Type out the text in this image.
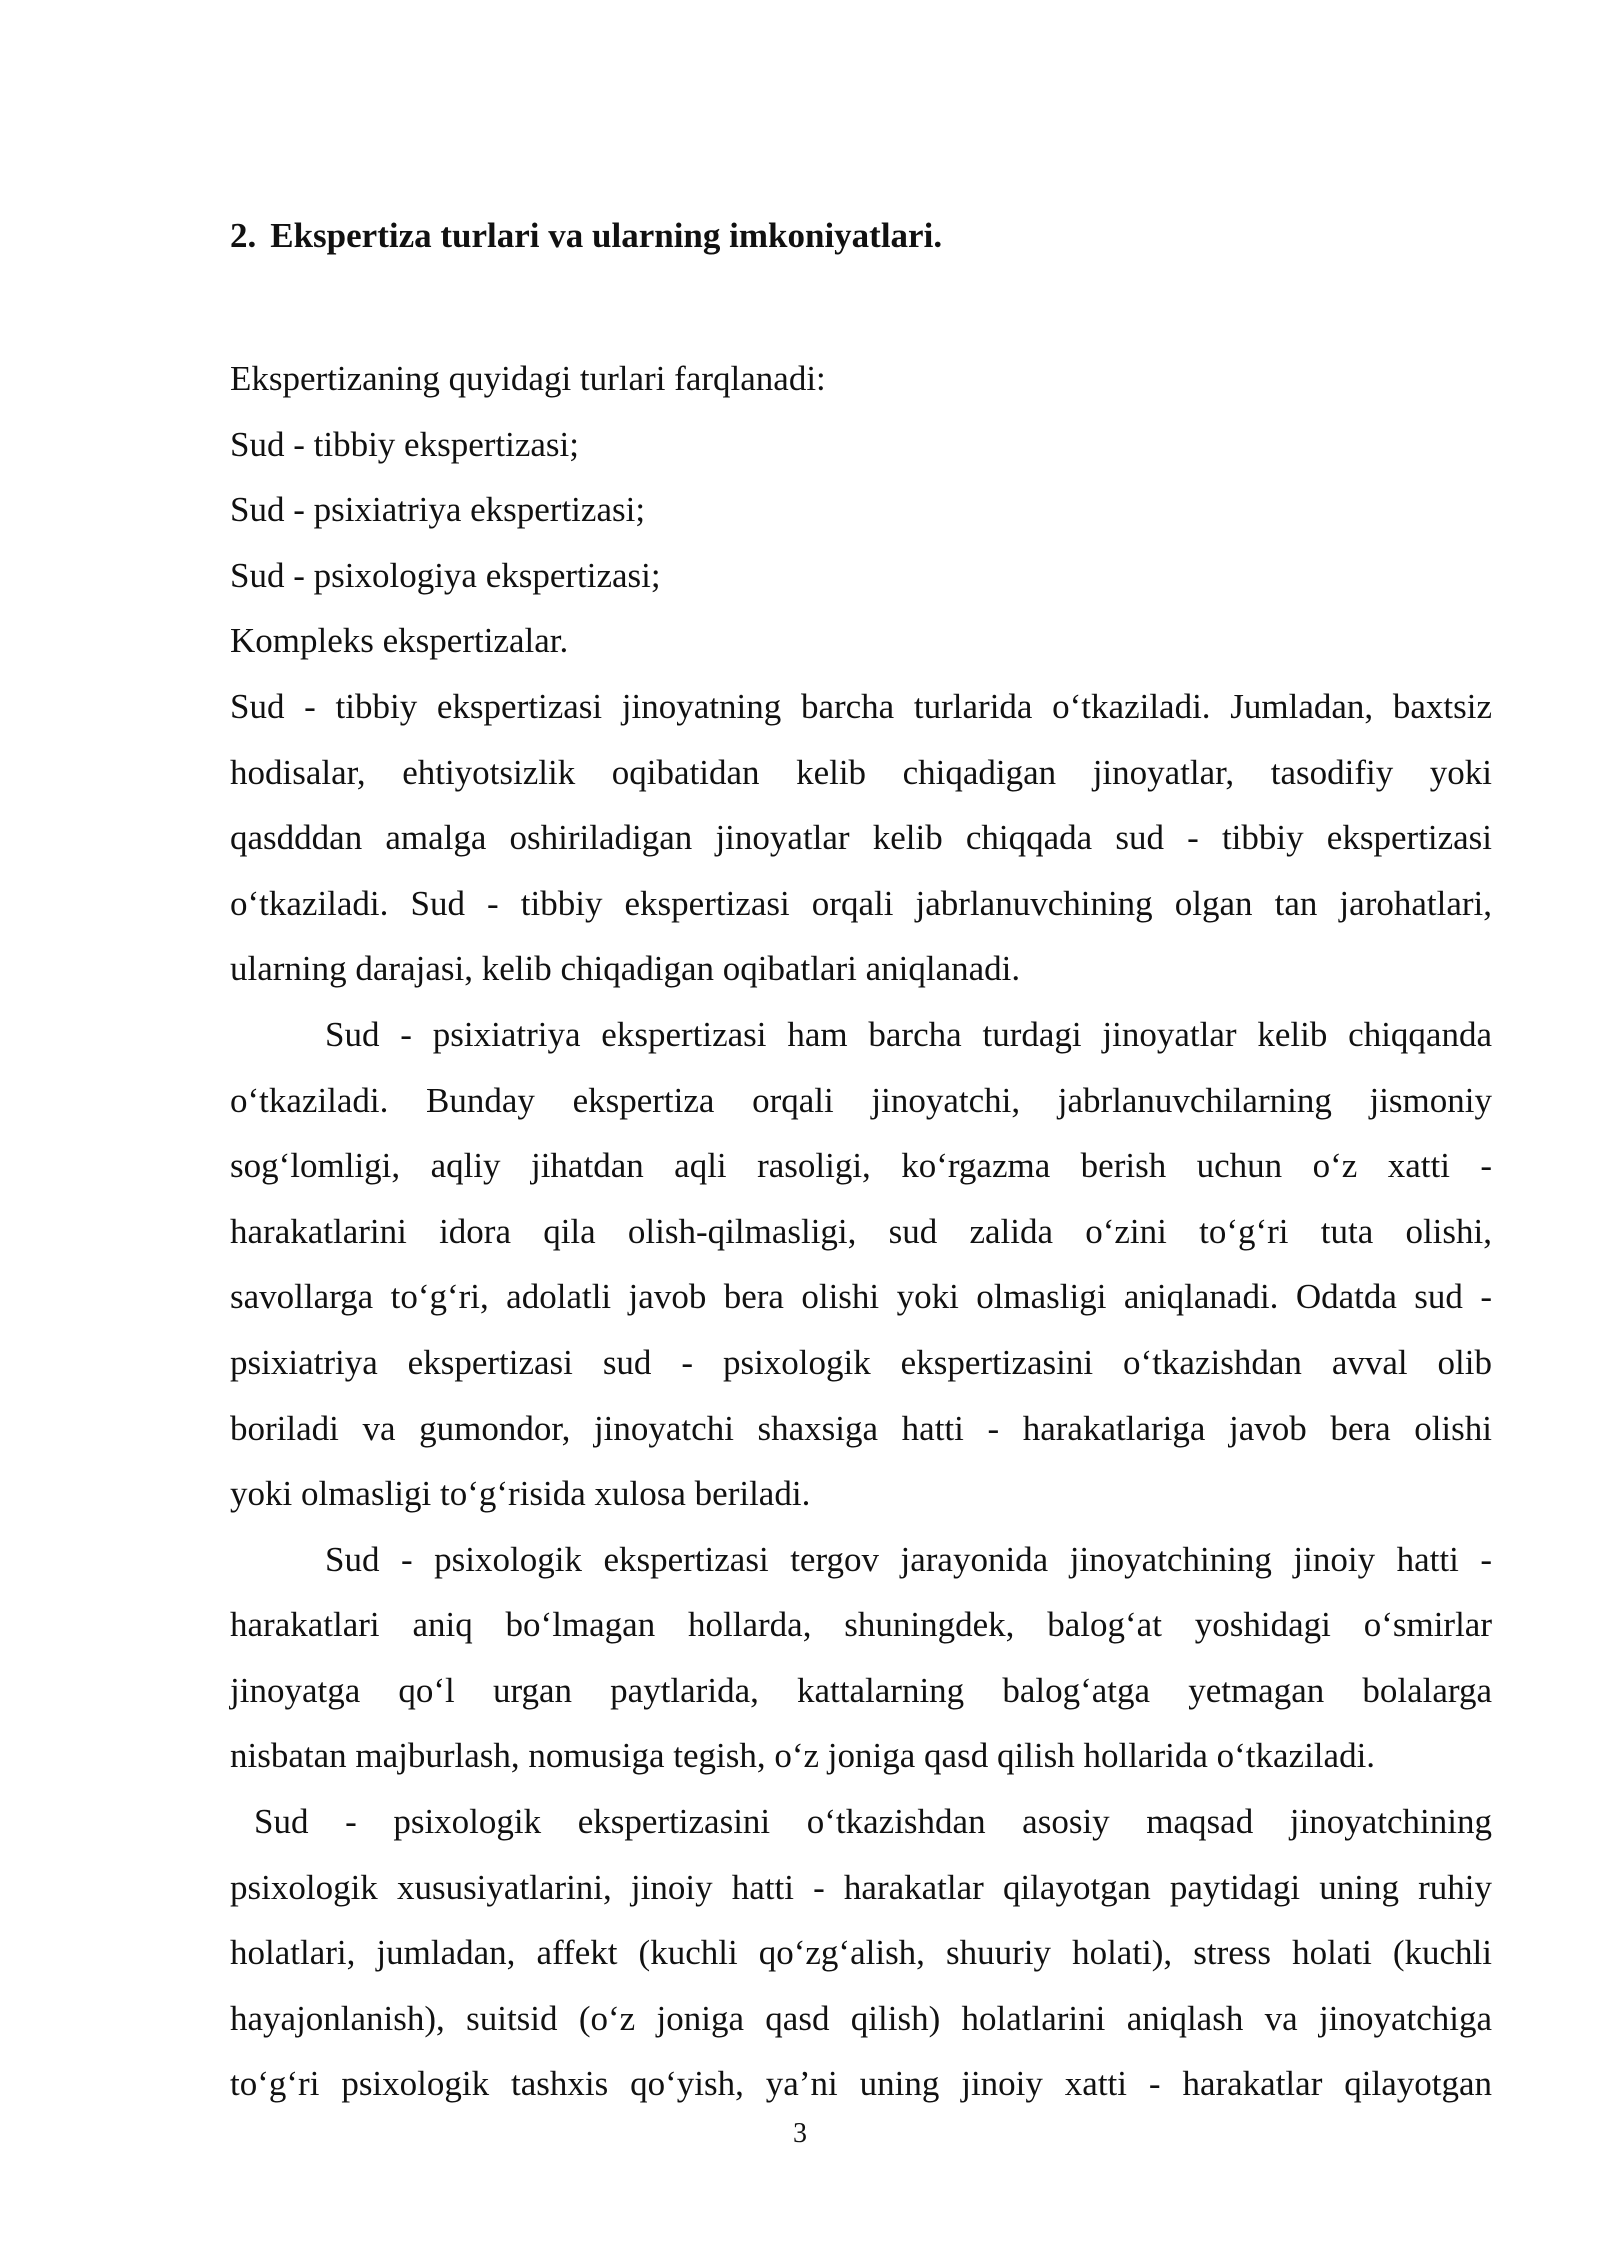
2. Ekspertiza turlari va ularning imkoniyatlari.
Ekspertizaning quyidagi turlari farqlanadi:
Sud - tibbiy ekspertizasi;
Sud - psixiatriya ekspertizasi;
Sud - psixologiya ekspertizasi;
Kompleks ekspertizalar.
Sud - tibbiy ekspertizasi jinoyatning barcha turlarida o‘tkaziladi. Jumladan, baxtsiz
hodisalar, ehtiyotsizlik oqibatidan kelib chiqadigan jinoyatlar, tasodifiy yoki
qasdddan amalga oshiriladigan jinoyatlar kelib chiqqada sud - tibbiy ekspertizasi
o‘tkaziladi. Sud - tibbiy ekspertizasi orqali jabrlanuvchining olgan tan jarohatlari,
ularning darajasi, kelib chiqadigan oqibatlari aniqlanadi.
Sud - psixiatriya ekspertizasi ham barcha turdagi jinoyatlar kelib chiqqanda
o‘tkaziladi. Bunday ekspertiza orqali jinoyatchi, jabrlanuvchilarning jismoniy
sog‘lomligi, aqliy jihatdan aqli rasoligi, ko‘rgazma berish uchun o‘z xatti -
harakatlarini idora qila olish-qilmasligi, sud zalida o‘zini to‘g‘ri tuta olishi,
savollarga to‘g‘ri, adolatli javob bera olishi yoki olmasligi aniqlanadi. Odatda sud -
psixiatriya ekspertizasi sud - psixologik ekspertizasini o‘tkazishdan avval olib
boriladi va gumondor, jinoyatchi shaxsiga hatti - harakatlariga javob bera olishi
yoki olmasligi to‘g‘risida xulosa beriladi.
Sud - psixologik ekspertizasi tergov jarayonida jinoyatchining jinoiy hatti -
harakatlari aniq bo‘lmagan hollarda, shuningdek, balog‘at yoshidagi o‘smirlar
jinoyatga qo‘l urgan paytlarida, kattalarning balog‘atga yetmagan bolalarga
nisbatan majburlash, nomusiga tegish, o‘z joniga qasd qilish hollarida o‘tkaziladi.
Sud - psixologik ekspertizasini o‘tkazishdan asosiy maqsad jinoyatchining
psixologik xususiyatlarini, jinoiy hatti - harakatlar qilayotgan paytidagi uning ruhiy
holatlari, jumladan, affekt (kuchli qo‘zg‘alish, shuuriy holati), stress holati (kuchli
hayajonlanish), suitsid (o‘z joniga qasd qilish) holatlarini aniqlash va jinoyatchiga
to‘g‘ri psixologik tashxis qo‘yish, ya’ni uning jinoiy xatti - harakatlar qilayotgan
3
